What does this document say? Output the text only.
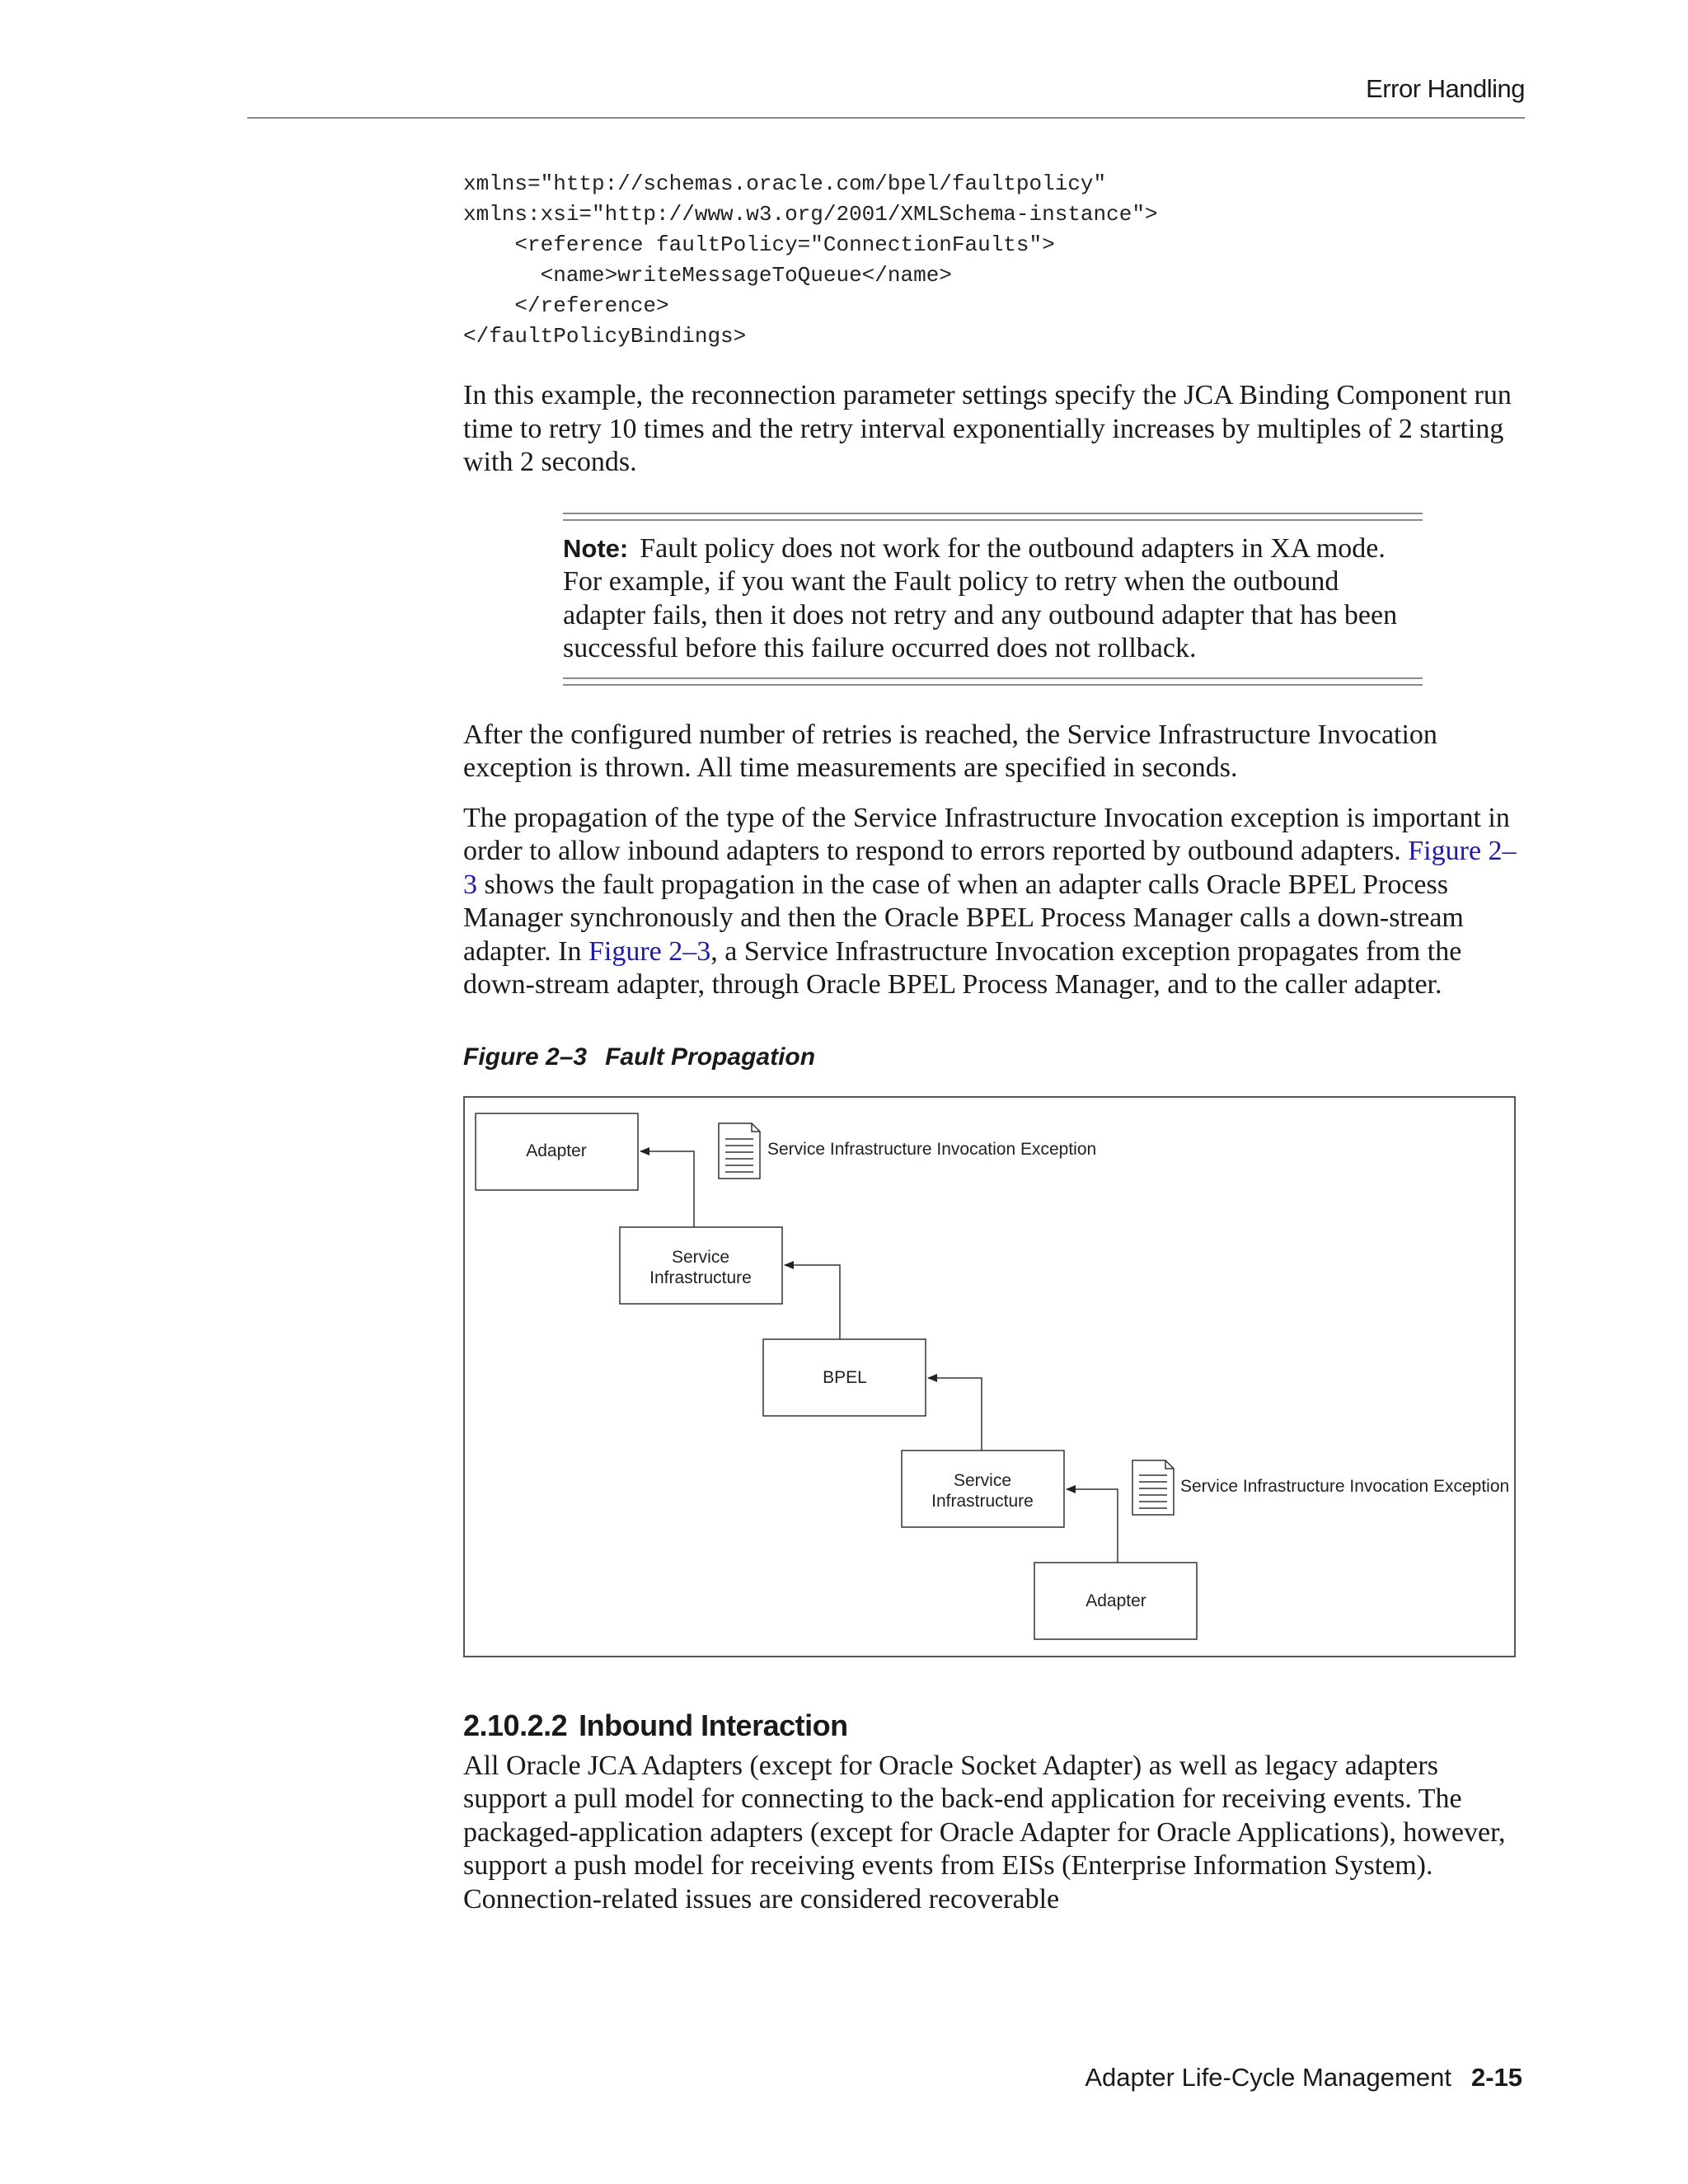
Error Handling
xmlns="http://schemas.oracle.com/bpel/faultpolicy"
xmlns:xsi="http://www.w3.org/2001/XMLSchema-instance">
<reference faultPolicy="ConnectionFaults">
<name>writeMessageToQueue</name>
</reference>
</faultPolicyBindings>

In this example, the reconnection parameter settings specify the JCA Binding Component run time to retry 10 times and the retry interval exponentially increases by multiples of 2 starting with 2 seconds.

Note: Fault policy does not work for the outbound adapters in XA mode. For example, if you want the Fault policy to retry when the outbound adapter fails, then it does not retry and any outbound adapter that has been successful before this failure occurred does not rollback.

After the configured number of retries is reached, the Service Infrastructure Invocation exception is thrown. All time measurements are specified in seconds.

The propagation of the type of the Service Infrastructure Invocation exception is important in order to allow inbound adapters to respond to errors reported by outbound adapters. Figure 2–3 shows the fault propagation in the case of when an adapter calls Oracle BPEL Process Manager synchronously and then the Oracle BPEL Process Manager calls a down-stream adapter. In Figure 2–3, a Service Infrastructure Invocation exception propagates from the down-stream adapter, through Oracle BPEL Process Manager, and to the caller adapter.

Figure 2–3 Fault Propagation
Adapter
Service
Infrastructure
BPEL
Service
Infrastructure
Adapter
Service Infrastructure Invocation Exception
Service Infrastructure Invocation Exception
2.10.2.2 Inbound Interaction

All Oracle JCA Adapters (except for Oracle Socket Adapter) as well as legacy adapters support a pull model for connecting to the back-end application for receiving events. The packaged-application adapters (except for Oracle Adapter for Oracle Applications), however, support a push model for receiving events from EISs (Enterprise Information System). Connection-related issues are considered recoverable

Adapter Life-Cycle Management 2-15
